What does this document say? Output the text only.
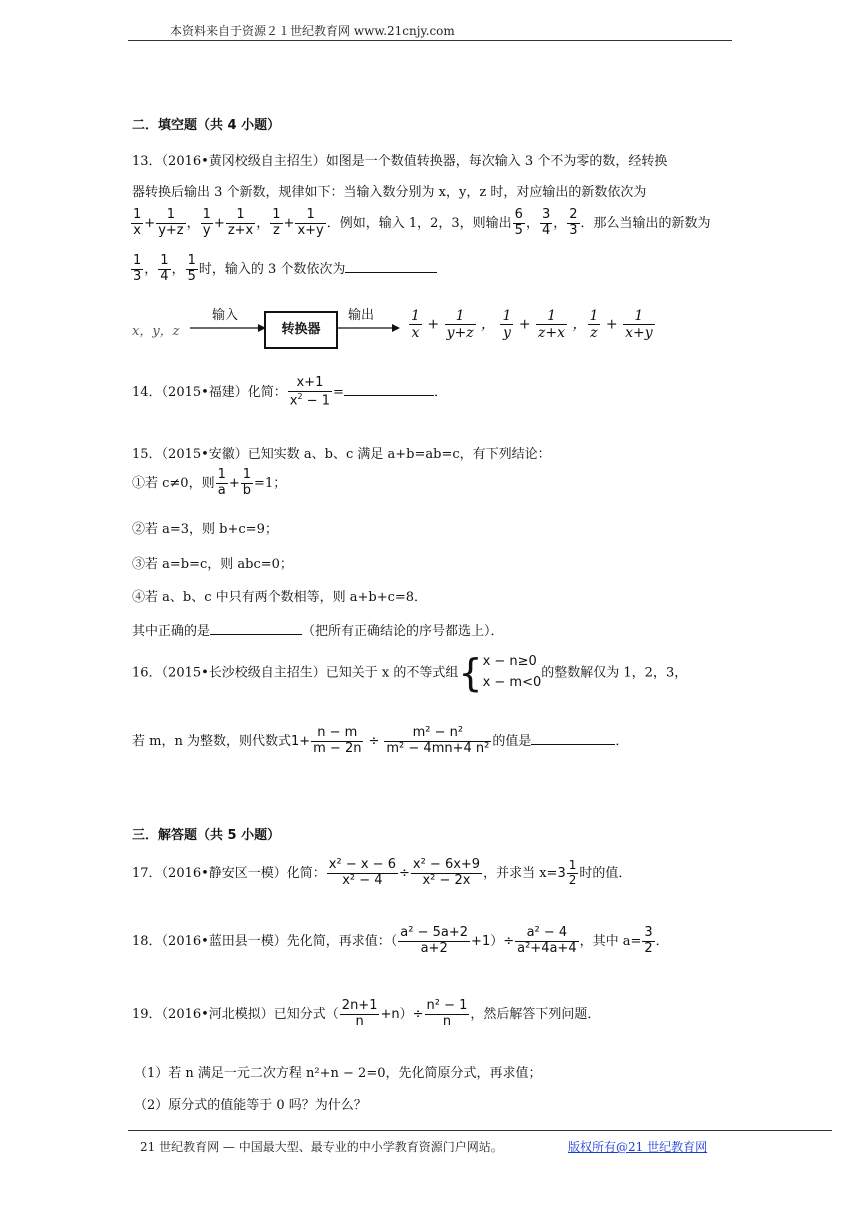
本资料来自于资源２１世纪教育网 www.21cnjy.com
二．填空题（共 4 小题）
13．（2016•黄冈校级自主招生）如图是一个数值转换器，每次输入 3 个不为零的数，经转换
器转换后输出 3 个新数，规律如下：当输入数分别为 x，y，z 时，对应输出的新数依次为
$\frac{1}{x} + \frac{1}{y+z}$ ， $\frac{1}{y} + \frac{1}{z+x}$ ， $\frac{1}{z} + \frac{1}{x+y}$ ．例如，输入 1，2，3，则输出 $\frac{6}{5}$ ， $\frac{3}{4}$ ， $\frac{2}{3}$ ．那么当输出的新数为
$\frac{1}{3}$ ， $\frac{1}{4}$ ， $\frac{1}{5}$ 时，输入的 3 个数依次为
x，y，z
输入
转换器
输出 $\frac{1}{x} + \frac{1}{y+z}$ ， $\frac{1}{y} + \frac{1}{z+x}$ ， $\frac{1}{z} + \frac{1}{x+y}$
14．（2015•福建）化简： $\frac{x+1}{x^2 - 1}$ =	．
15．（2015•安徽）已知实数 a、b、c 满足 a+b=ab=c，有下列结论：
①若 c≠0，则 $\frac{1}{a} + \frac{1}{b} =1$；
②若 a=3，则 b+c=9；
③若 a=b=c，则 abc=0；
④若 a、b、c 中只有两个数相等，则 a+b+c=8．
其中正确的是	（把所有正确结论的序号都选上）．
16．（2015•长沙校级自主招生）已知关于 x 的不等式组{ x − n≥0
x − m<0
的整数解仅为 1，2，3，
若 m，n 为整数，则代数式$1+ \frac{n - m}{m - 2n} \div \frac{\text{m² − n²}}{\text{m² − 4mn+4 n²}}$ 的值是	．
三．解答题（共 5 小题）
17．（2016•静安区一模）化简： $\frac{\text{x² − x − 6}}{\text{x² − 4}} \div \frac{\text{x² − 6x+9}}{\text{x² − 2x}}$ ，并求当 $x=3 \frac{1}{2}$ 时的值．
18．（2016•蓝田县一模）先化简，再求值：（ $\frac{\text{a² − 5a+2}}{a+2} +1)\div \frac{\text{a² − 4}}{\text{a²+4a+4}}$ ，其中 $a= \frac{3}{2}$ ．
19．（2016•河北模拟）已知分式（ $\frac{2n+1}{n} +n)\div \frac{\text{n² − 1}}{n}$ ，然后解答下列问题．
（1）若 n 满足一元二次方程 n²+n − 2=0，先化简原分式，再求值；
（2）原分式的值能等于 0 吗？为什么？
21 世纪教育网 — 中国最大型、最专业的中小学教育资源门户网站。	版权所有@21 世纪教育网
